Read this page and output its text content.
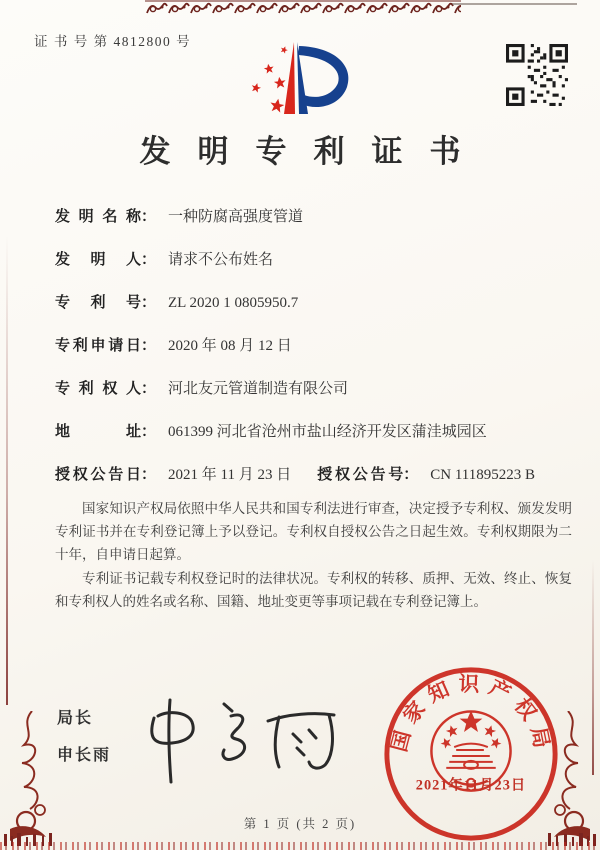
证 书 号 第 4812800 号
发明专利证书
发明名称 ： 一种防腐高强度管道
发明人 ： 请求不公布姓名
专利号 ： ZL 2020 1 0805950.7
专利申请日 ： 2020 年 08 月 12 日
专利权人 ： 河北友元管道制造有限公司
地址 ： 061399 河北省沧州市盐山经济开发区蒲洼城园区
授权公告日 ： 2021 年 11 月 23 日 授权公告号 ： CN 111895223 B

国家知识产权局依照中华人民共和国专利法进行审查，决定授予专利权、颁发发明专利证书并在专利登记簿上予以登记。专利权自授权公告之日起生效。专利权期限为二十年，自申请日起算。

专利证书记载专利权登记时的法律状况。专利权的转移、质押、无效、终止、恢复和专利权人的姓名或名称、国籍、地址变更等事项记载在专利登记簿上。

局长
申长雨
国家知识产权局
2021年11月23日
第 1 页 (共 2 页)
